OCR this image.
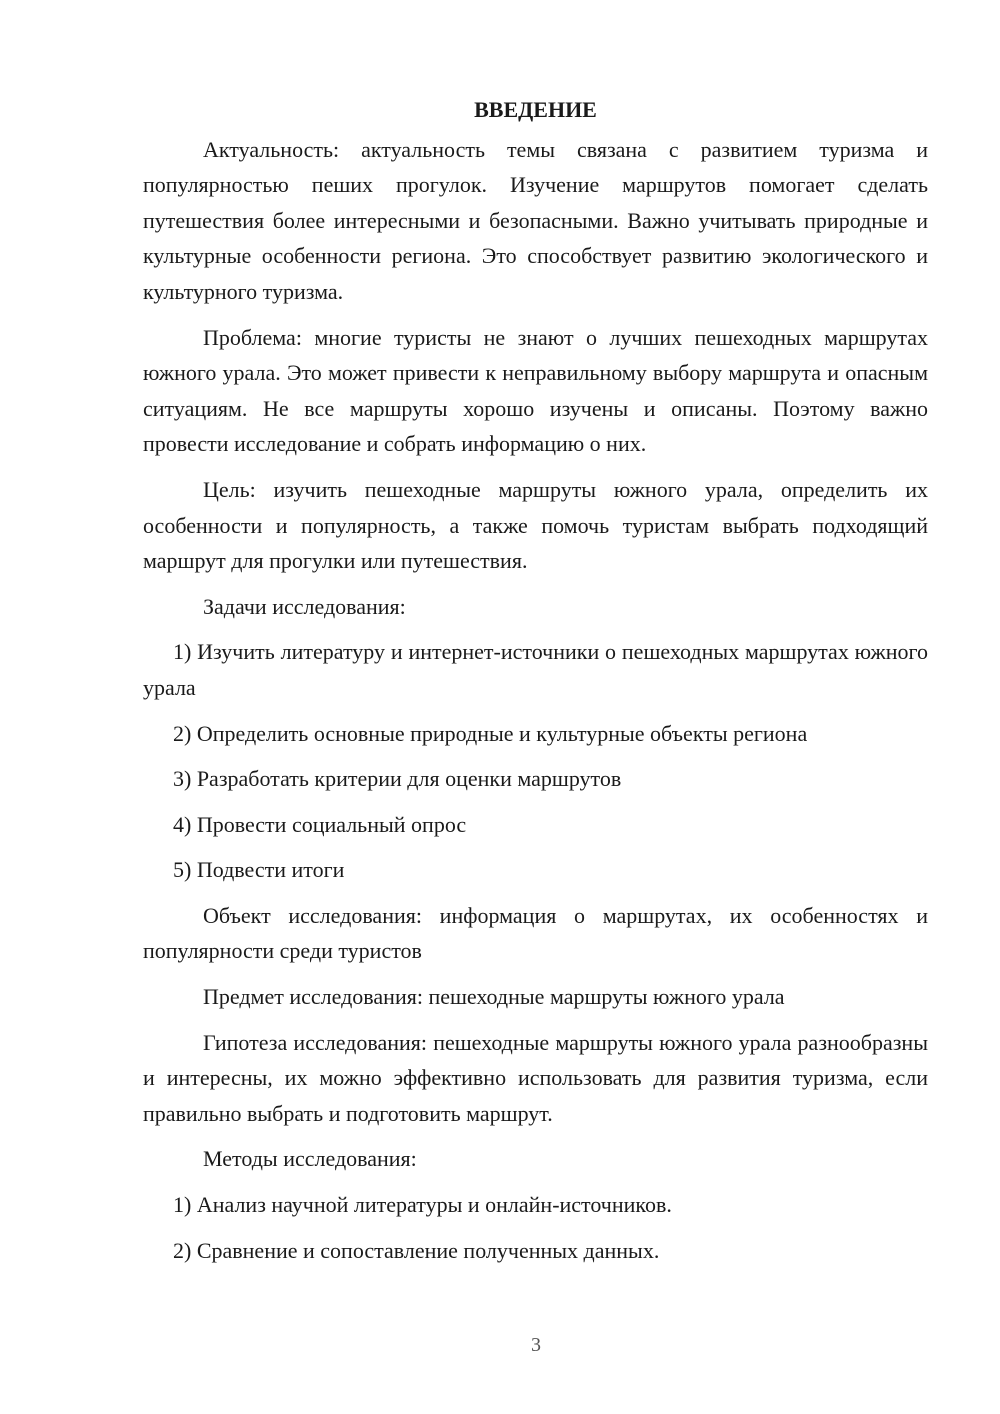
ВВЕДЕНИЕ

Актуальность: актуальность темы связана с развитием туризма и популярностью пеших прогулок. Изучение маршрутов помогает сделать путешествия более интересными и безопасными. Важно учитывать природные и культурные особенности региона. Это способствует развитию экологического и культурного туризма.

Проблема: многие туристы не знают о лучших пешеходных маршрутах южного урала. Это может привести к неправильному выбору маршрута и опасным ситуациям. Не все маршруты хорошо изучены и описаны. Поэтому важно провести исследование и собрать информацию о них.

Цель: изучить пешеходные маршруты южного урала, определить их особенности и популярность, а также помочь туристам выбрать подходящий маршрут для прогулки или путешествия.

Задачи исследования:

1) Изучить литературу и интернет-источники о пешеходных маршрутах южного урала

2) Определить основные природные и культурные объекты региона

3) Разработать критерии для оценки маршрутов

4) Провести социальный опрос

5) Подвести итоги

Объект исследования: информация о маршрутах, их особенностях и популярности среди туристов

Предмет исследования: пешеходные маршруты южного урала

Гипотеза исследования: пешеходные маршруты южного урала разнообразны и интересны, их можно эффективно использовать для развития туризма, если правильно выбрать и подготовить маршрут.

Методы исследования:

1) Анализ научной литературы и онлайн-источников.

2) Сравнение и сопоставление полученных данных.

3
